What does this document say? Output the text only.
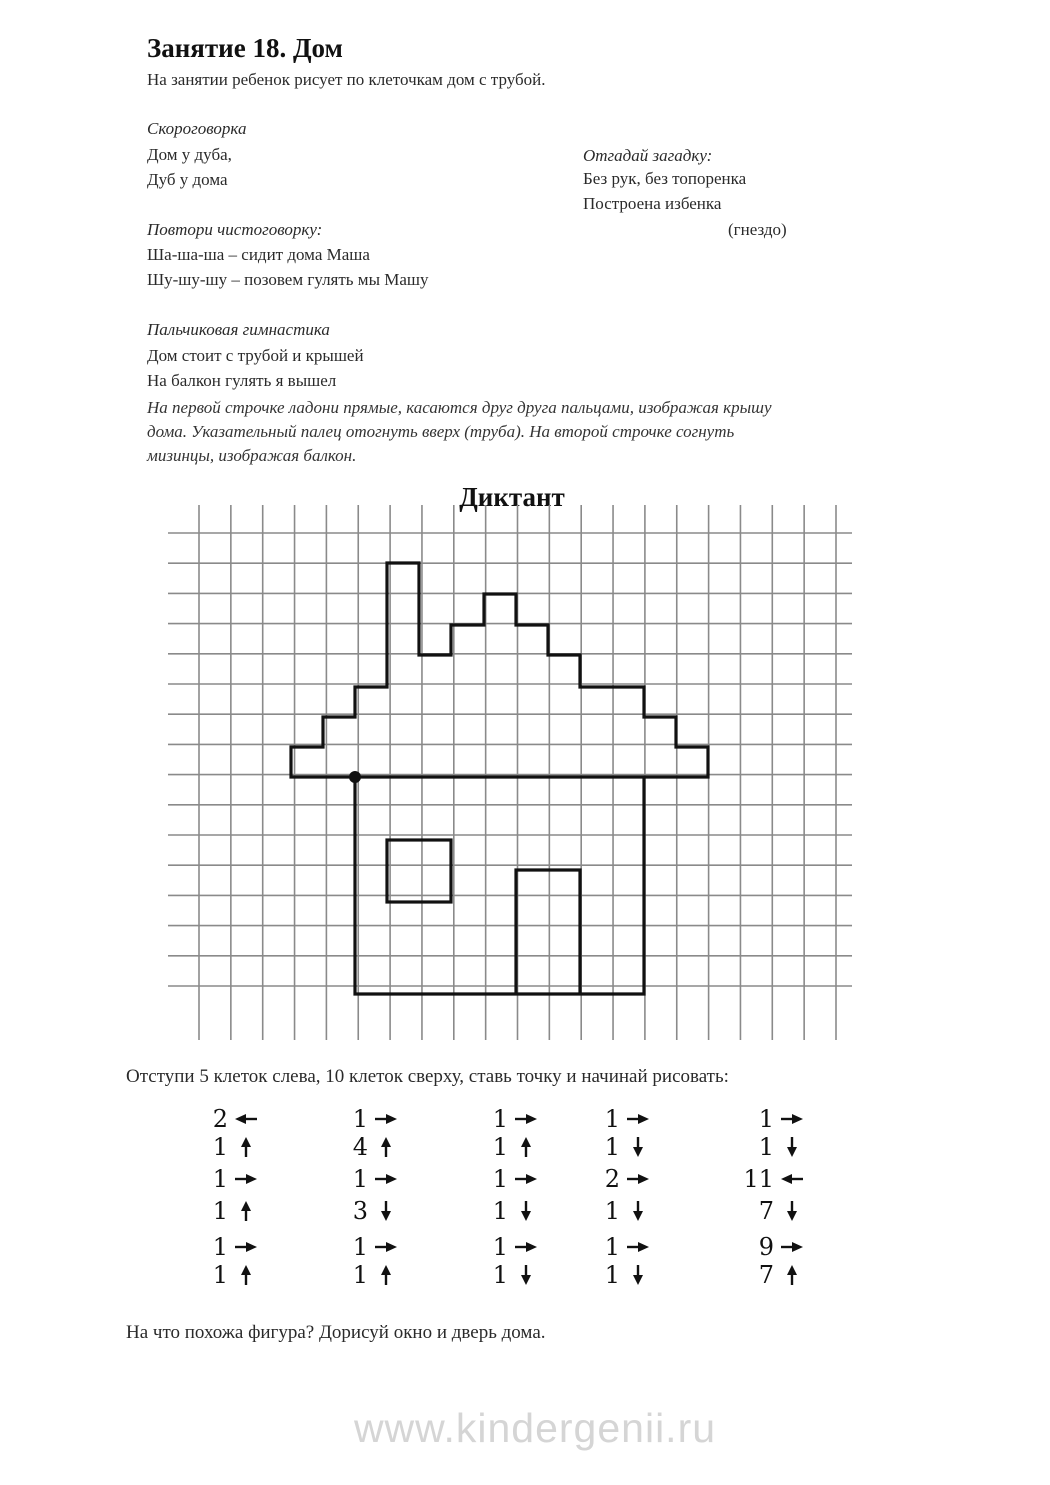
Занятие 18. Дом
На занятии ребенок рисует по клеточкам дом с трубой.
Скороговорка
Дом у дуба,
Дуб у дома
Отгадай загадку:
Без рук, без топоренка
Построена избенка
(гнездо)
Повтори чистоговорку:
Ша-ша-ша – сидит дома Маша
Шу-шу-шу – позовем гулять мы Машу
Пальчиковая гимнастика
Дом стоит с трубой и крышей
На балкон гулять я вышел
На первой строчке ладони прямые, касаются друг друга пальцами, изображая крышу
дома. Указательный палец отогнуть вверх (труба). На второй строчке согнуть
мизинцы, изображая балкон.
Диктант
Отступи 5 клеток слева, 10 клеток сверху, ставь точку и начинай рисовать:
2
1
1
1
1
1
1
4
1
3
1
1
1
1
1
1
1
1
1
1
2
1
1
1
1
1
11
7
9
7
На что похожа фигура? Дорисуй окно и дверь дома.
www.kindergenii.ru
